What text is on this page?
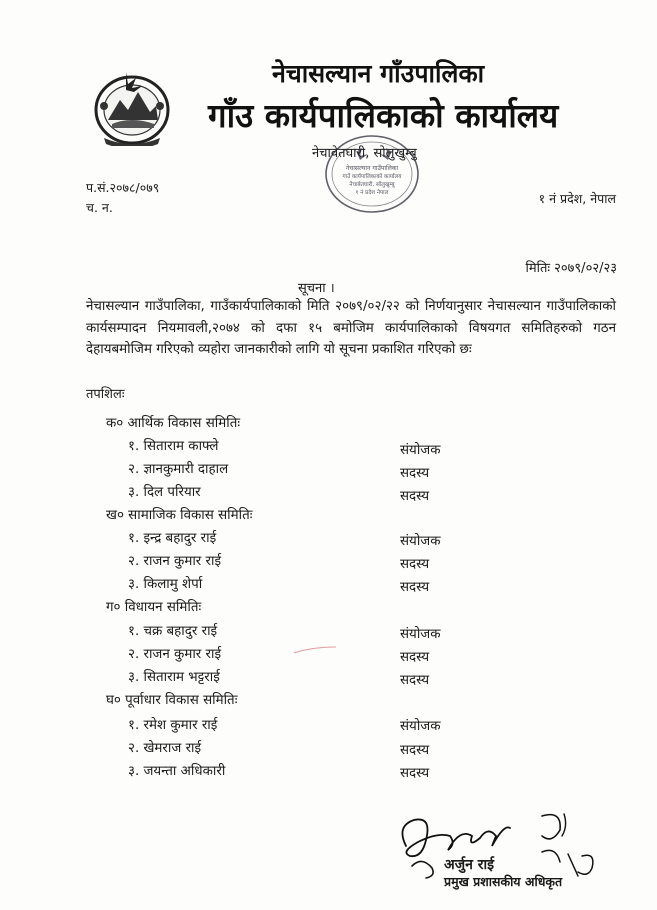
नेचासल्यान गाँउपालिका
गाँउ कार्यपालिकाको कार्यालय
नेचावेतघारी, सोलुखुम्बु
नेचासल्यान गाउँपालिका
गाउँ कार्यपालिकाको कार्यालय
नेचाबेतघारी, सोलुखुम्बु
१ नं प्रदेश नेपाल
प.सं.२०७८/०७९
च. न.
१ नं प्रदेश, नेपाल
मितिः २०७९/०२/२३
सूचना ।
नेचासल्यान गाउँपालिका, गाउँकार्यपालिकाको मिति २०७९/०२/२२ को निर्णयानुसार नेचासल्यान गाउँपालिकाको कार्यसम्पादन नियमावली,२०७४ को दफा १५ बमोजिम कार्यपालिकाको विषयगत समितिहरुको गठन देहायबमोजिम गरिएको व्यहोरा जानकारीको लागि यो सूचना प्रकाशित गरिएको छः
तपशिलः
क० आर्थिक विकास समितिः
१. सिताराम काफ्ले	संयोजक
२. ज्ञानकुमारी दाहाल	सदस्य
३. दिल परियार	सदस्य
ख० सामाजिक विकास समितिः
१. इन्द्र बहादुर राई	संयोजक
२. राजन कुमार राई	सदस्य
३. किलामु शेर्पा	सदस्य
ग० विधायन समितिः
१. चक्र बहादुर राई	संयोजक
२. राजन कुमार राई	सदस्य
३. सिताराम भट्टराई	सदस्य
घ० पूर्वाधार विकास समितिः
१. रमेश कुमार राई	संयोजक
२. खेमराज राई	सदस्य
३. जयन्ता अधिकारी	सदस्य
अर्जुन राई
प्रमुख प्रशासकीय अधिकृत
